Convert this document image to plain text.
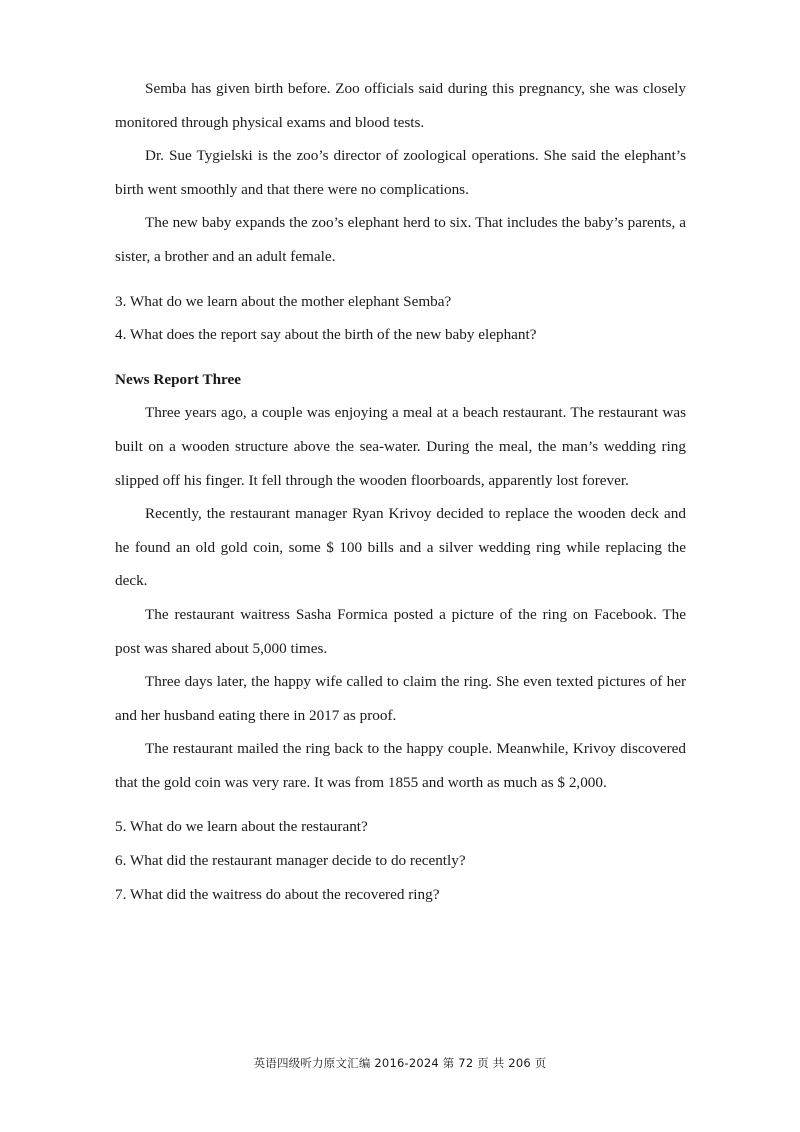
Semba has given birth before. Zoo officials said during this pregnancy, she was closely monitored through physical exams and blood tests.

Dr. Sue Tygielski is the zoo’s director of zoological operations. She said the elephant’s birth went smoothly and that there were no complications.

The new baby expands the zoo’s elephant herd to six. That includes the baby’s parents, a sister, a brother and an adult female.

3. What do we learn about the mother elephant Semba?

4. What does the report say about the birth of the new baby elephant?

News Report Three

Three years ago, a couple was enjoying a meal at a beach restaurant. The restaurant was built on a wooden structure above the sea-water. During the meal, the man’s wedding ring slipped off his finger. It fell through the wooden floorboards, apparently lost forever.

Recently, the restaurant manager Ryan Krivoy decided to replace the wooden deck and he found an old gold coin, some $ 100 bills and a silver wedding ring while replacing the deck.

The restaurant waitress Sasha Formica posted a picture of the ring on Facebook. The post was shared about 5,000 times.

Three days later, the happy wife called to claim the ring. She even texted pictures of her and her husband eating there in 2017 as proof.

The restaurant mailed the ring back to the happy couple. Meanwhile, Krivoy discovered that the gold coin was very rare. It was from 1855 and worth as much as $ 2,000.

5. What do we learn about the restaurant?

6. What did the restaurant manager decide to do recently?

7. What did the waitress do about the recovered ring?

英语四级听力原文汇编 2016-2024 第 72 页 共 206 页
